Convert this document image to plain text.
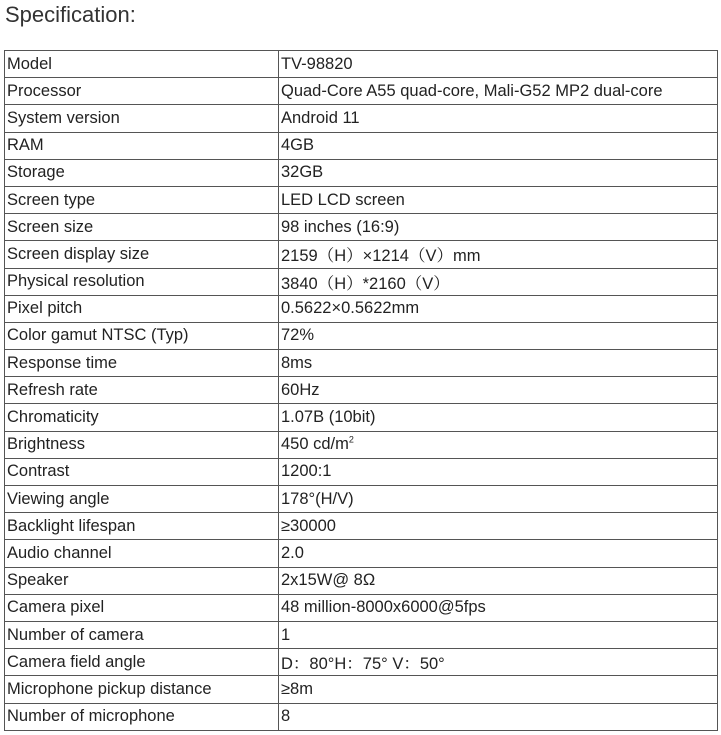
Specification:
Model	TV-98820
Processor	Quad-Core A55 quad-core, Mali-G52 MP2 dual-core
System version	Android 11
RAM	4GB
Storage	32GB
Screen type	LED LCD screen
Screen size	98 inches (16:9)
Screen display size	2159（H）×1214（V）mm
Physical resolution	3840（H）*2160（V）
Pixel pitch	0.5622×0.5622mm
Color gamut NTSC (Typ)	72%
Response time	8ms
Refresh rate	60Hz
Chromaticity	1.07B (10bit)
Brightness	450 $cd/m^2$
Contrast	1200:1
Viewing angle	178°(H/V)
Backlight lifespan	≥30000
Audio channel	2.0
Speaker	2x15W@ 8Ω
Camera pixel	48 million-8000x6000@5fps
Number of camera	1
Camera field angle	D：80°H：75° V：50°
Microphone pickup distance	≥8m
Number of microphone	8
